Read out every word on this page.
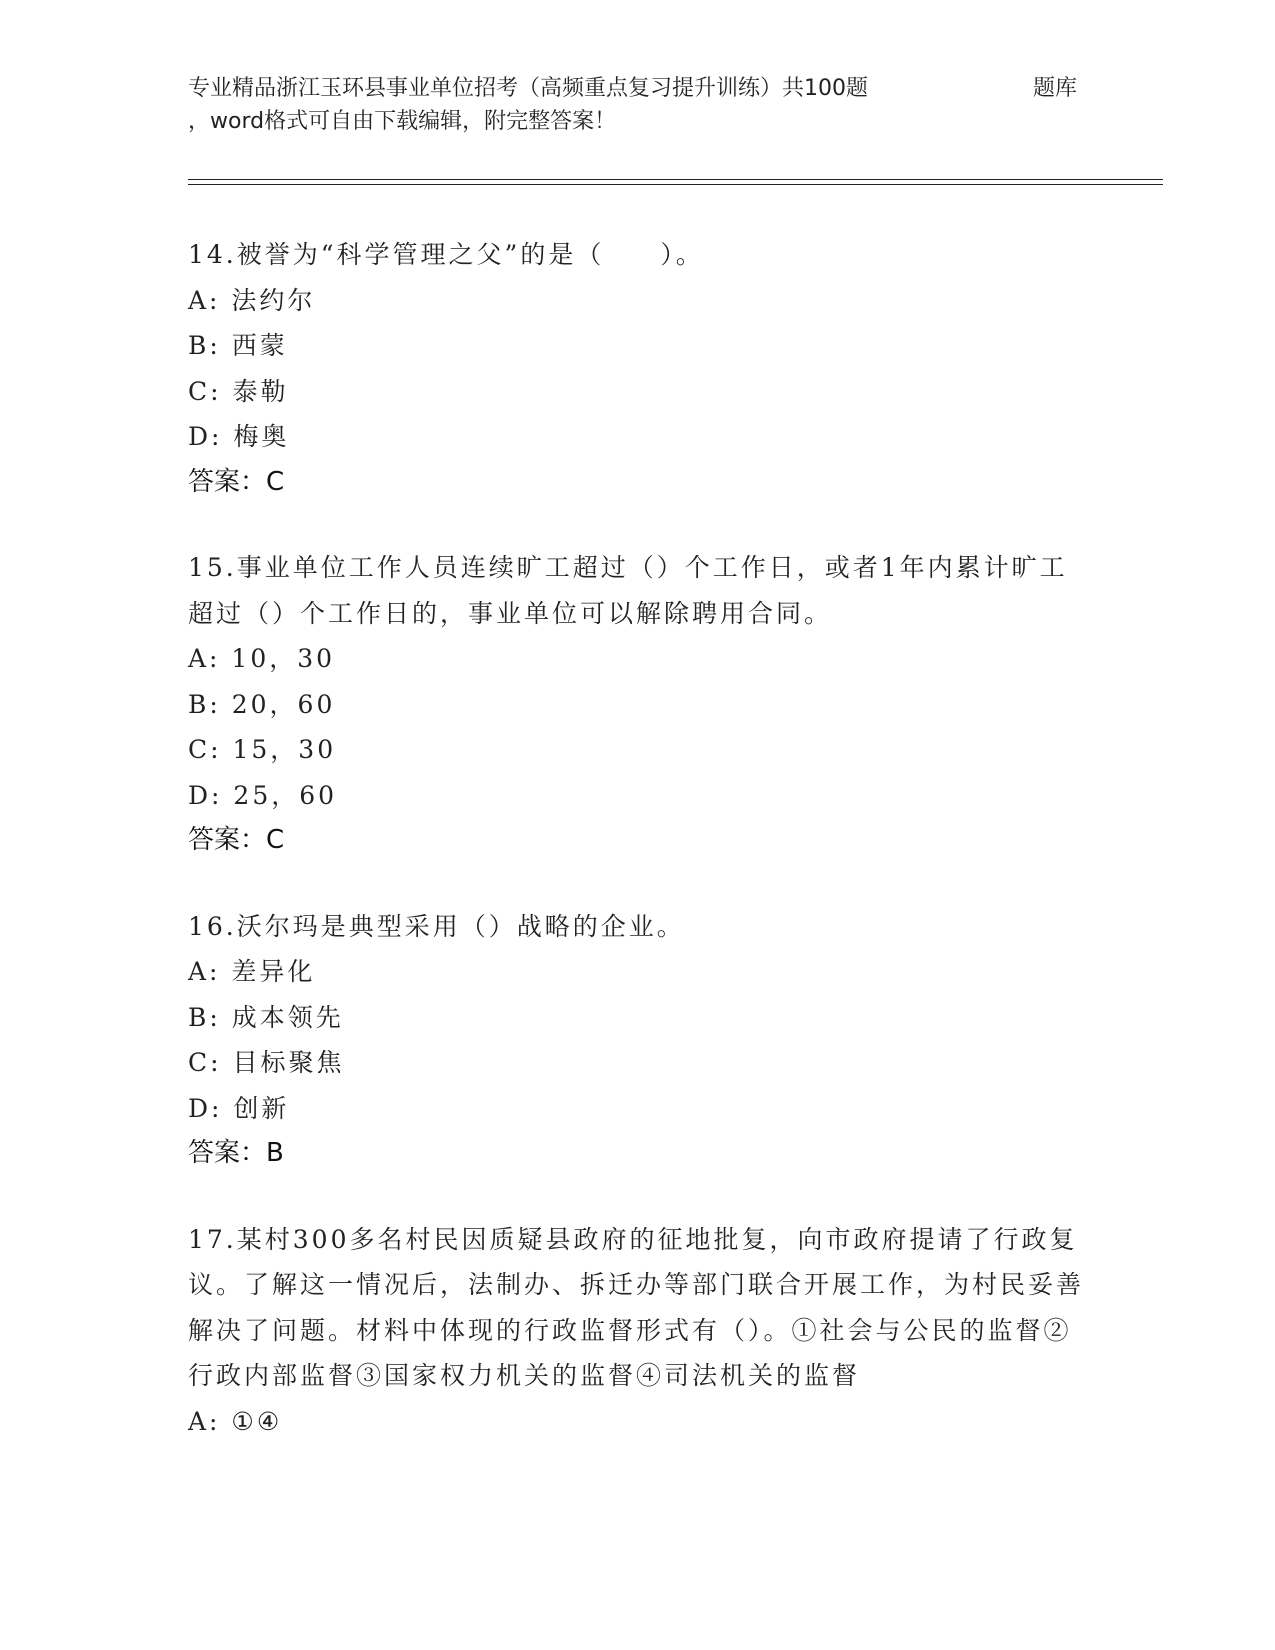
专业精品浙江玉环县事业单位招考（高频重点复习提升训练）共100题	题库
，word格式可自由下载编辑，附完整答案！
14.被誉为“科学管理之父”的是（　　）。
A: 法约尔
B: 西蒙
C: 泰勒
D: 梅奥
答案：C
15.事业单位工作人员连续旷工超过（）个工作日，或者1年内累计旷工超过（）个工作日的，事业单位可以解除聘用合同。
A: 10，30
B: 20，60
C: 15，30
D: 25，60
答案：C
16.沃尔玛是典型采用（）战略的企业。
A: 差异化
B: 成本领先
C: 目标聚焦
D: 创新
答案：B
17.某村300多名村民因质疑县政府的征地批复，向市政府提请了行政复议。了解这一情况后，法制办、拆迁办等部门联合开展工作，为村民妥善解决了问题。材料中体现的行政监督形式有（）。①社会与公民的监督②行政内部监督③国家权力机关的监督④司法机关的监督
A: ①④
